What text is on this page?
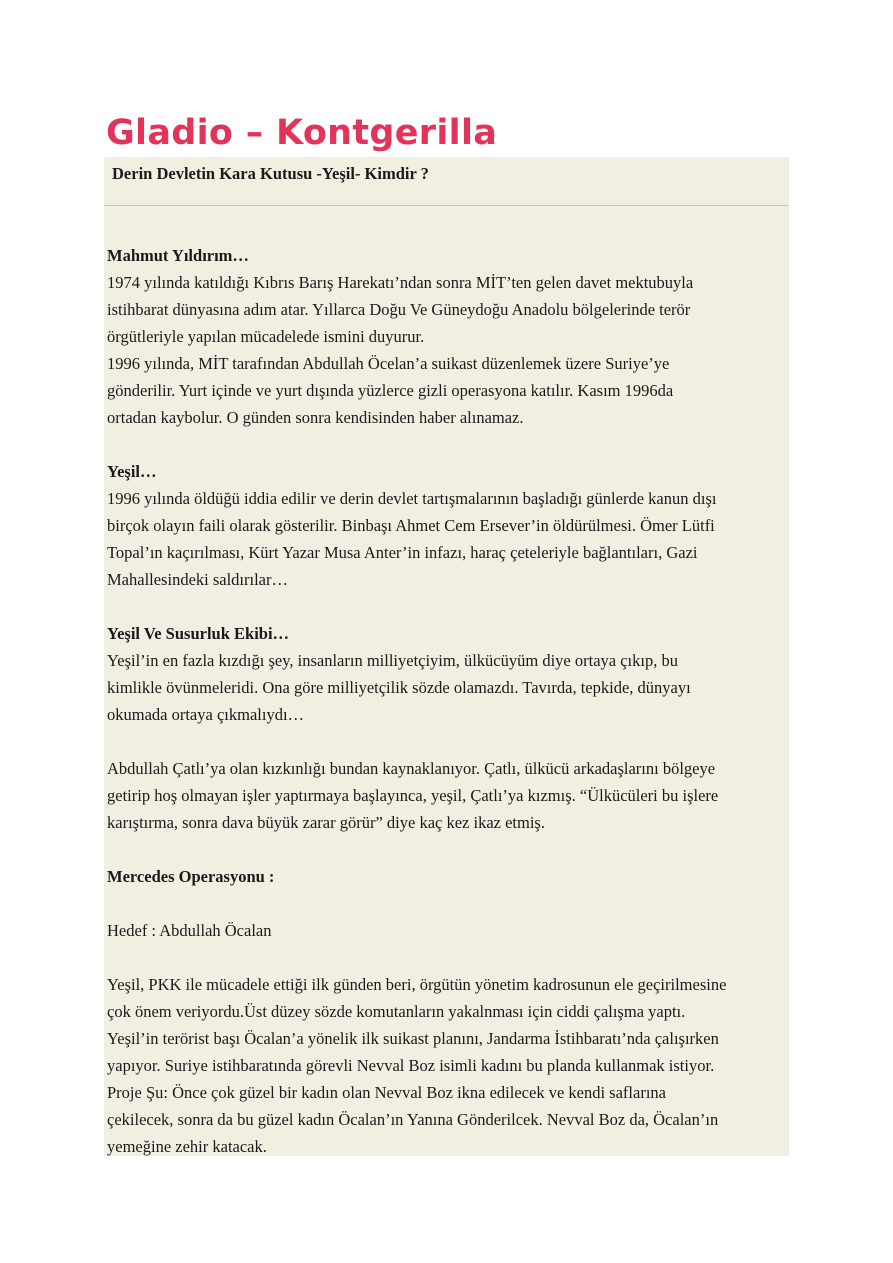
Gladio – Kontgerilla

Derin Devletin Kara Kutusu -Yeşil- Kimdir ?

Mahmut Yıldırım…

1974 yılında katıldığı Kıbrıs Barış Harekatı’ndan sonra MİT’ten gelen davet mektubuyla

istihbarat dünyasına adım atar. Yıllarca Doğu Ve Güneydoğu Anadolu bölgelerinde terör

örgütleriyle yapılan mücadelede ismini duyurur.

1996 yılında, MİT tarafından Abdullah Öcelan’a suikast düzenlemek üzere Suriye’ye

gönderilir. Yurt içinde ve yurt dışında yüzlerce gizli operasyona katılır. Kasım 1996da

ortadan kaybolur. O günden sonra kendisinden haber alınamaz.

Yeşil…

1996 yılında öldüğü iddia edilir ve derin devlet tartışmalarının başladığı günlerde kanun dışı

birçok olayın faili olarak gösterilir. Binbaşı Ahmet Cem Ersever’in öldürülmesi. Ömer Lütfi

Topal’ın kaçırılması, Kürt Yazar Musa Anter’in infazı, haraç çeteleriyle bağlantıları, Gazi

Mahallesindeki saldırılar…

Yeşil Ve Susurluk Ekibi…

Yeşil’in en fazla kızdığı şey, insanların milliyetçiyim, ülkücüyüm diye ortaya çıkıp, bu

kimlikle övünmeleridi. Ona göre milliyetçilik sözde olamazdı. Tavırda, tepkide, dünyayı

okumada ortaya çıkmalıydı…

Abdullah Çatlı’ya olan kızkınlığı bundan kaynaklanıyor. Çatlı, ülkücü arkadaşlarını bölgeye

getirip hoş olmayan işler yaptırmaya başlayınca, yeşil, Çatlı’ya kızmış. “Ülkücüleri bu işlere

karıştırma, sonra dava büyük zarar görür” diye kaç kez ikaz etmiş.

Mercedes Operasyonu :

Hedef : Abdullah Öcalan

Yeşil, PKK ile mücadele ettiği ilk günden beri, örgütün yönetim kadrosunun ele geçirilmesine

çok önem veriyordu.Üst düzey sözde komutanların yakalnması için ciddi çalışma yaptı.

Yeşil’in terörist başı Öcalan’a yönelik ilk suikast planını, Jandarma İstihbaratı’nda çalışırken

yapıyor. Suriye istihbaratında görevli Nevval Boz isimli kadını bu planda kullanmak istiyor.

Proje Şu: Önce çok güzel bir kadın olan Nevval Boz ikna edilecek ve kendi saflarına

çekilecek, sonra da bu güzel kadın Öcalan’ın Yanına Gönderilcek. Nevval Boz da, Öcalan’ın

yemeğine zehir katacak.
